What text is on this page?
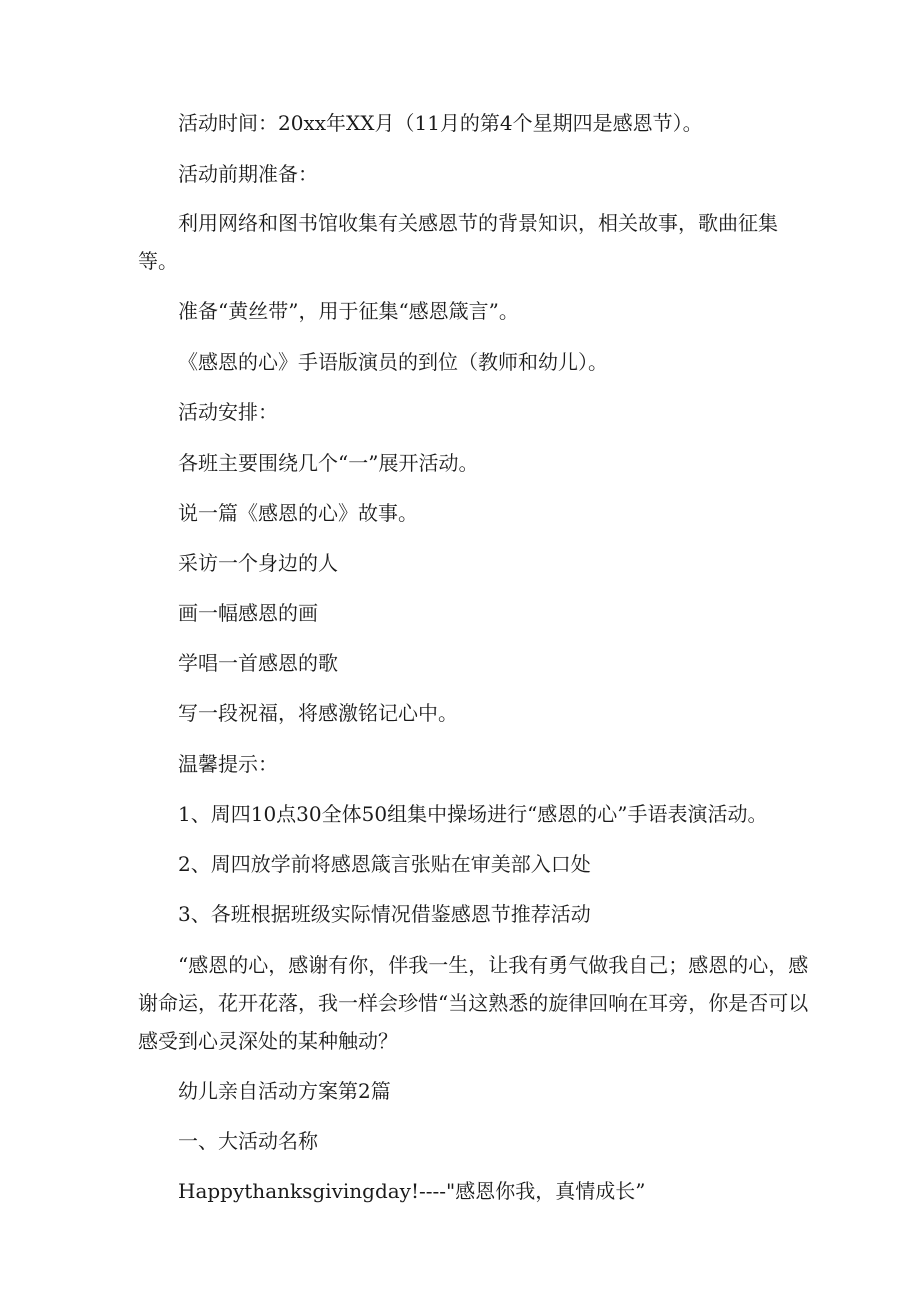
活动时间：20xx年XX月（11月的第4个星期四是感恩节）。
活动前期准备：
利用网络和图书馆收集有关感恩节的背景知识，相关故事，歌曲征集等。
准备“黄丝带”，用于征集“感恩箴言”。
《感恩的心》手语版演员的到位（教师和幼儿）。
活动安排：
各班主要围绕几个“一”展开活动。
说一篇《感恩的心》故事。
采访一个身边的人
画一幅感恩的画
学唱一首感恩的歌
写一段祝福，将感激铭记心中。
温馨提示：
1、周四10点30全体50组集中操场进行“感恩的心”手语表演活动。
2、周四放学前将感恩箴言张贴在审美部入口处
3、各班根据班级实际情况借鉴感恩节推荐活动
“感恩的心，感谢有你，伴我一生，让我有勇气做我自己；感恩的心，感谢命运，花开花落，我一样会珍惜“当这熟悉的旋律回响在耳旁，你是否可以感受到心灵深处的某种触动？
幼儿亲自活动方案第2篇
一、大活动名称
Happythanksgivingday!----"感恩你我，真情成长”
